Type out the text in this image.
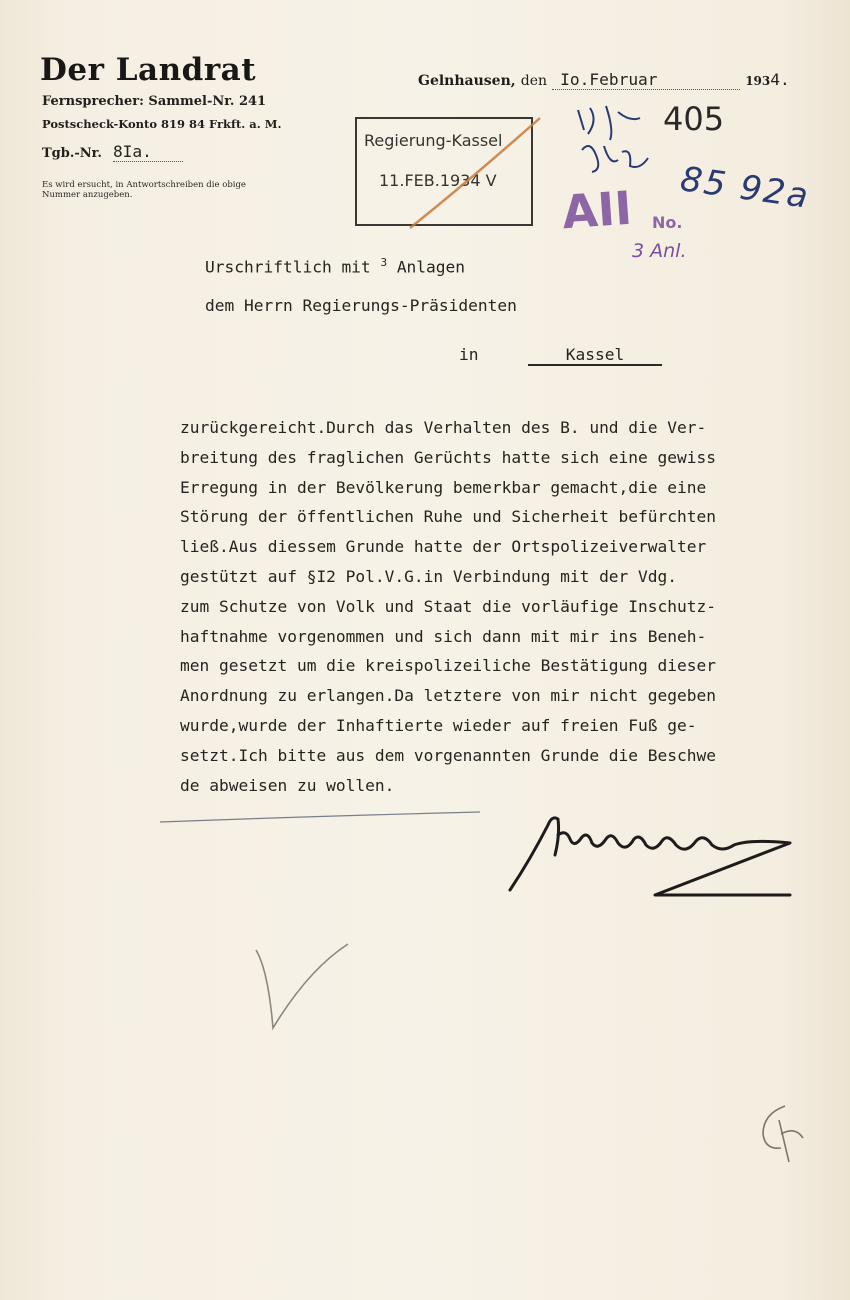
Der Landrat
Fernsprecher: Sammel-Nr. 241
Postscheck-Konto 819 84 Frkft. a. M.
Tgb.-Nr. 8Ia.
Es wird ersucht, in Antwortschreiben die obige
Nummer anzugeben.
Gelnhausen, den Io.Februar	1934.
Regierung-Kassel
11.FEB.1934 V
405
85 92a
AII No.
3 Anl.
Urschriftlich mit $^3$ Anlagen
dem Herrn Regierungs-Präsidenten
in	Kassel
zurückgereicht.Durch das Verhalten des B. und die Ver-
breitung des fraglichen Gerüchts hatte sich eine gewiss
Erregung in der Bevölkerung bemerkbar gemacht,die eine
Störung der öffentlichen Ruhe und Sicherheit befürchten
ließ.Aus diessem Grunde hatte der Ortspolizeiverwalter
gestützt auf §I2 Pol.V.G.in Verbindung mit der Vdg.
zum Schutze von Volk und Staat die vorläufige Inschutz-
haftnahme vorgenommen und sich dann mit mir ins Beneh-
men gesetzt um die kreispolizeiliche Bestätigung dieser
Anordnung zu erlangen.Da letztere von mir nicht gegeben
wurde,wurde der Inhaftierte wieder auf freien Fuß ge-
setzt.Ich bitte aus dem vorgenannten Grunde die Beschwe
de abweisen zu wollen.
